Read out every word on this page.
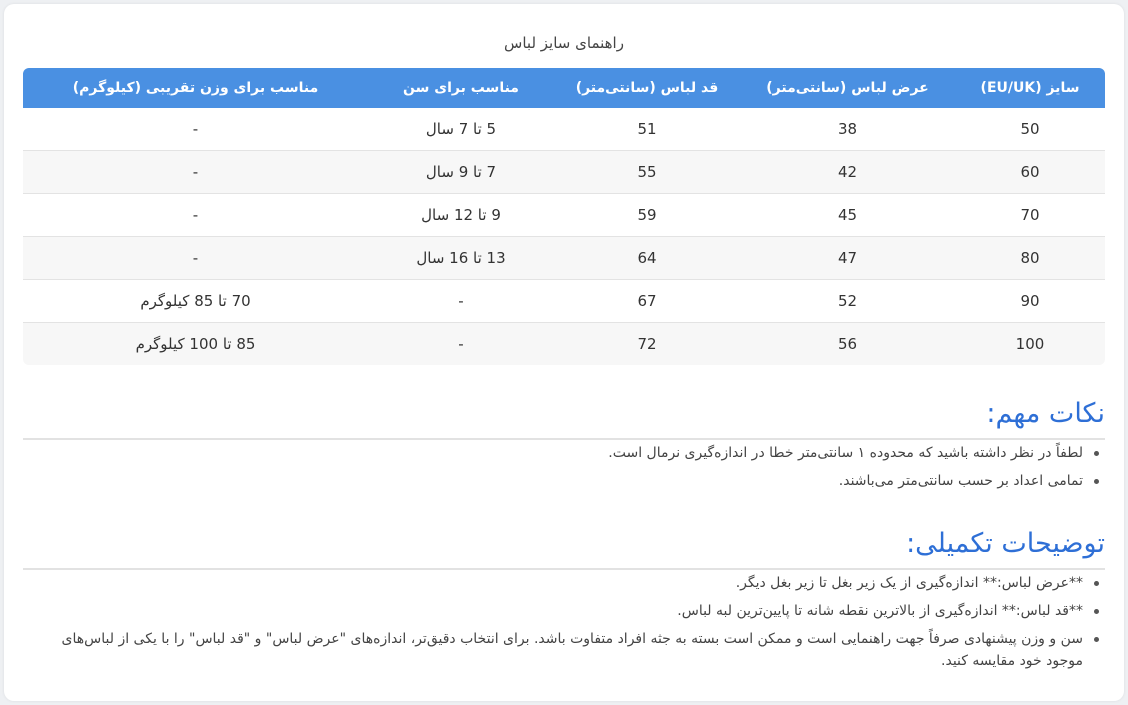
راهنمای سایز لباس
سایز (EU/UK)	عرض لباس (سانتی‌متر)	قد لباس (سانتی‌متر)	مناسب برای سن	مناسب برای وزن تقریبی (کیلوگرم)
50	38	51	5 تا 7 سال	-
60	42	55	7 تا 9 سال	-
70	45	59	9 تا 12 سال	-
80	47	64	13 تا 16 سال	-
90	52	67	-	70 تا 85 کیلوگرم
100	56	72	-	85 تا 100 کیلوگرم
نکات مهم:
لطفاً در نظر داشته باشید که محدوده ۱ سانتی‌متر خطا در اندازه‌گیری نرمال است.
تمامی اعداد بر حسب سانتی‌متر می‌باشند.
توضیحات تکمیلی:
**عرض لباس:** اندازه‌گیری از یک زیر بغل تا زیر بغل دیگر.
**قد لباس:** اندازه‌گیری از بالاترین نقطه شانه تا پایین‌ترین لبه لباس.
سن و وزن پیشنهادی صرفاً جهت راهنمایی است و ممکن است بسته به جثه افراد متفاوت باشد. برای انتخاب دقیق‌تر، اندازه‌های "عرض لباس" و "قد لباس" را با یکی از لباس‌های موجود خود مقایسه کنید.
